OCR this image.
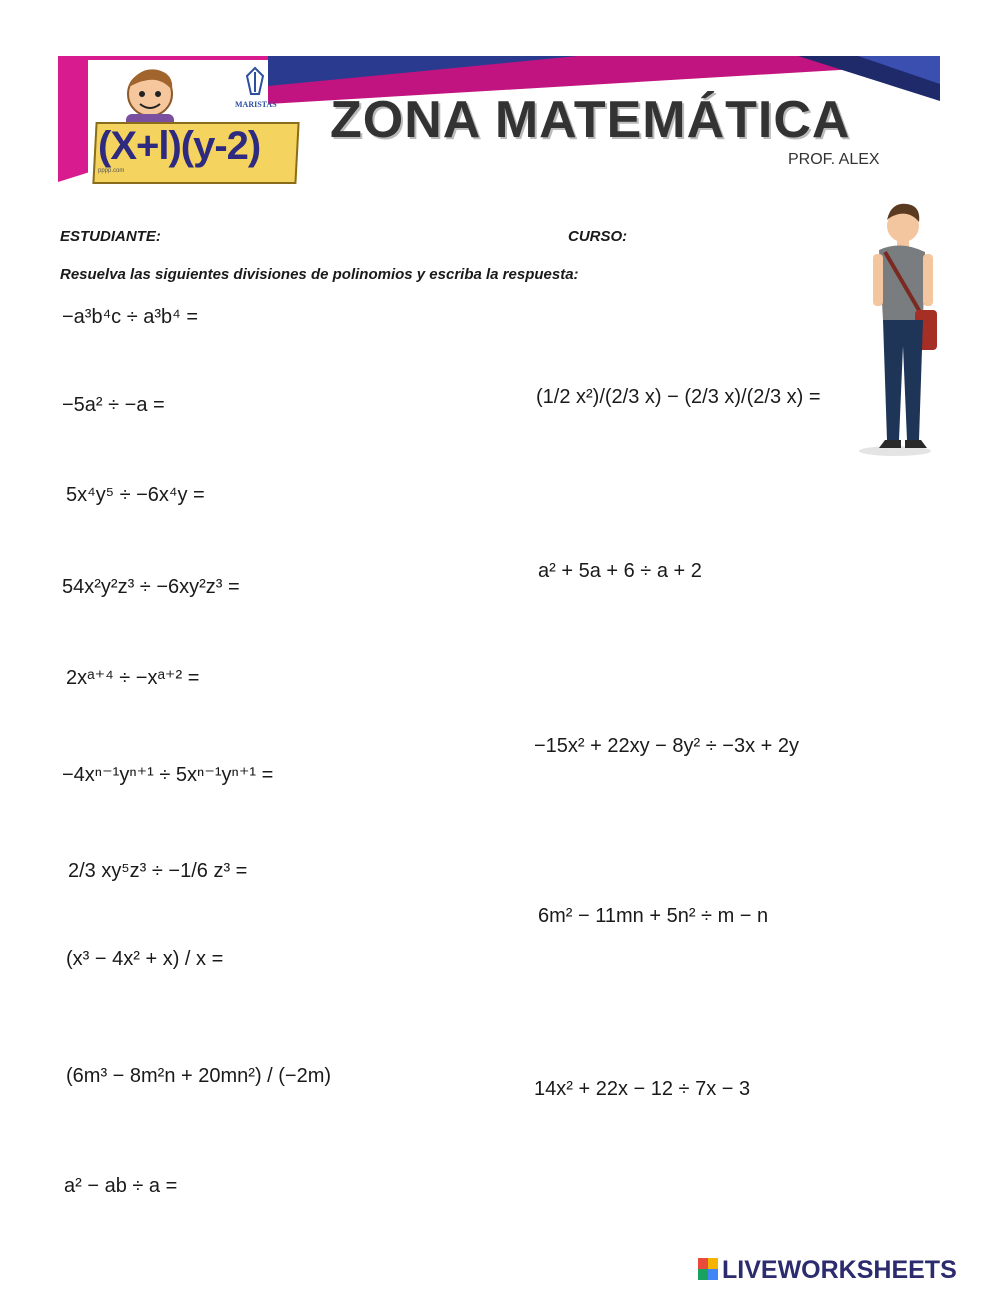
(X+l)(y-2)
pppp.com
MARISTAS ZONA MATEMÁTICA
PROF. ALEX
ESTUDIANTE:	CURSO:
Resuelva las siguientes divisiones de polinomios y escriba la respuesta:
−a³b⁴c ÷ a³b⁴ =
−5a² ÷ −a =
5x⁴y⁵ ÷ −6x⁴y =
54x²y²z³ ÷ −6xy²z³ =
2xᵃ⁺⁴ ÷ −xᵃ⁺² =
−4xⁿ⁻¹yⁿ⁺¹ ÷ 5xⁿ⁻¹yⁿ⁺¹ =
2/3 xy⁵z³ ÷ −1/6 z³ =
(x³ − 4x² + x) / x =
(6m³ − 8m²n + 20mn²) / (−2m)
a² − ab ÷ a =
(1/2 x²)/(2/3 x) − (2/3 x)/(2/3 x) =
a² + 5a + 6 ÷ a + 2
−15x² + 22xy − 8y² ÷ −3x + 2y
6m² − 11mn + 5n² ÷ m − n
14x² + 22x − 12 ÷ 7x − 3
LIVEWORKSHEETS
